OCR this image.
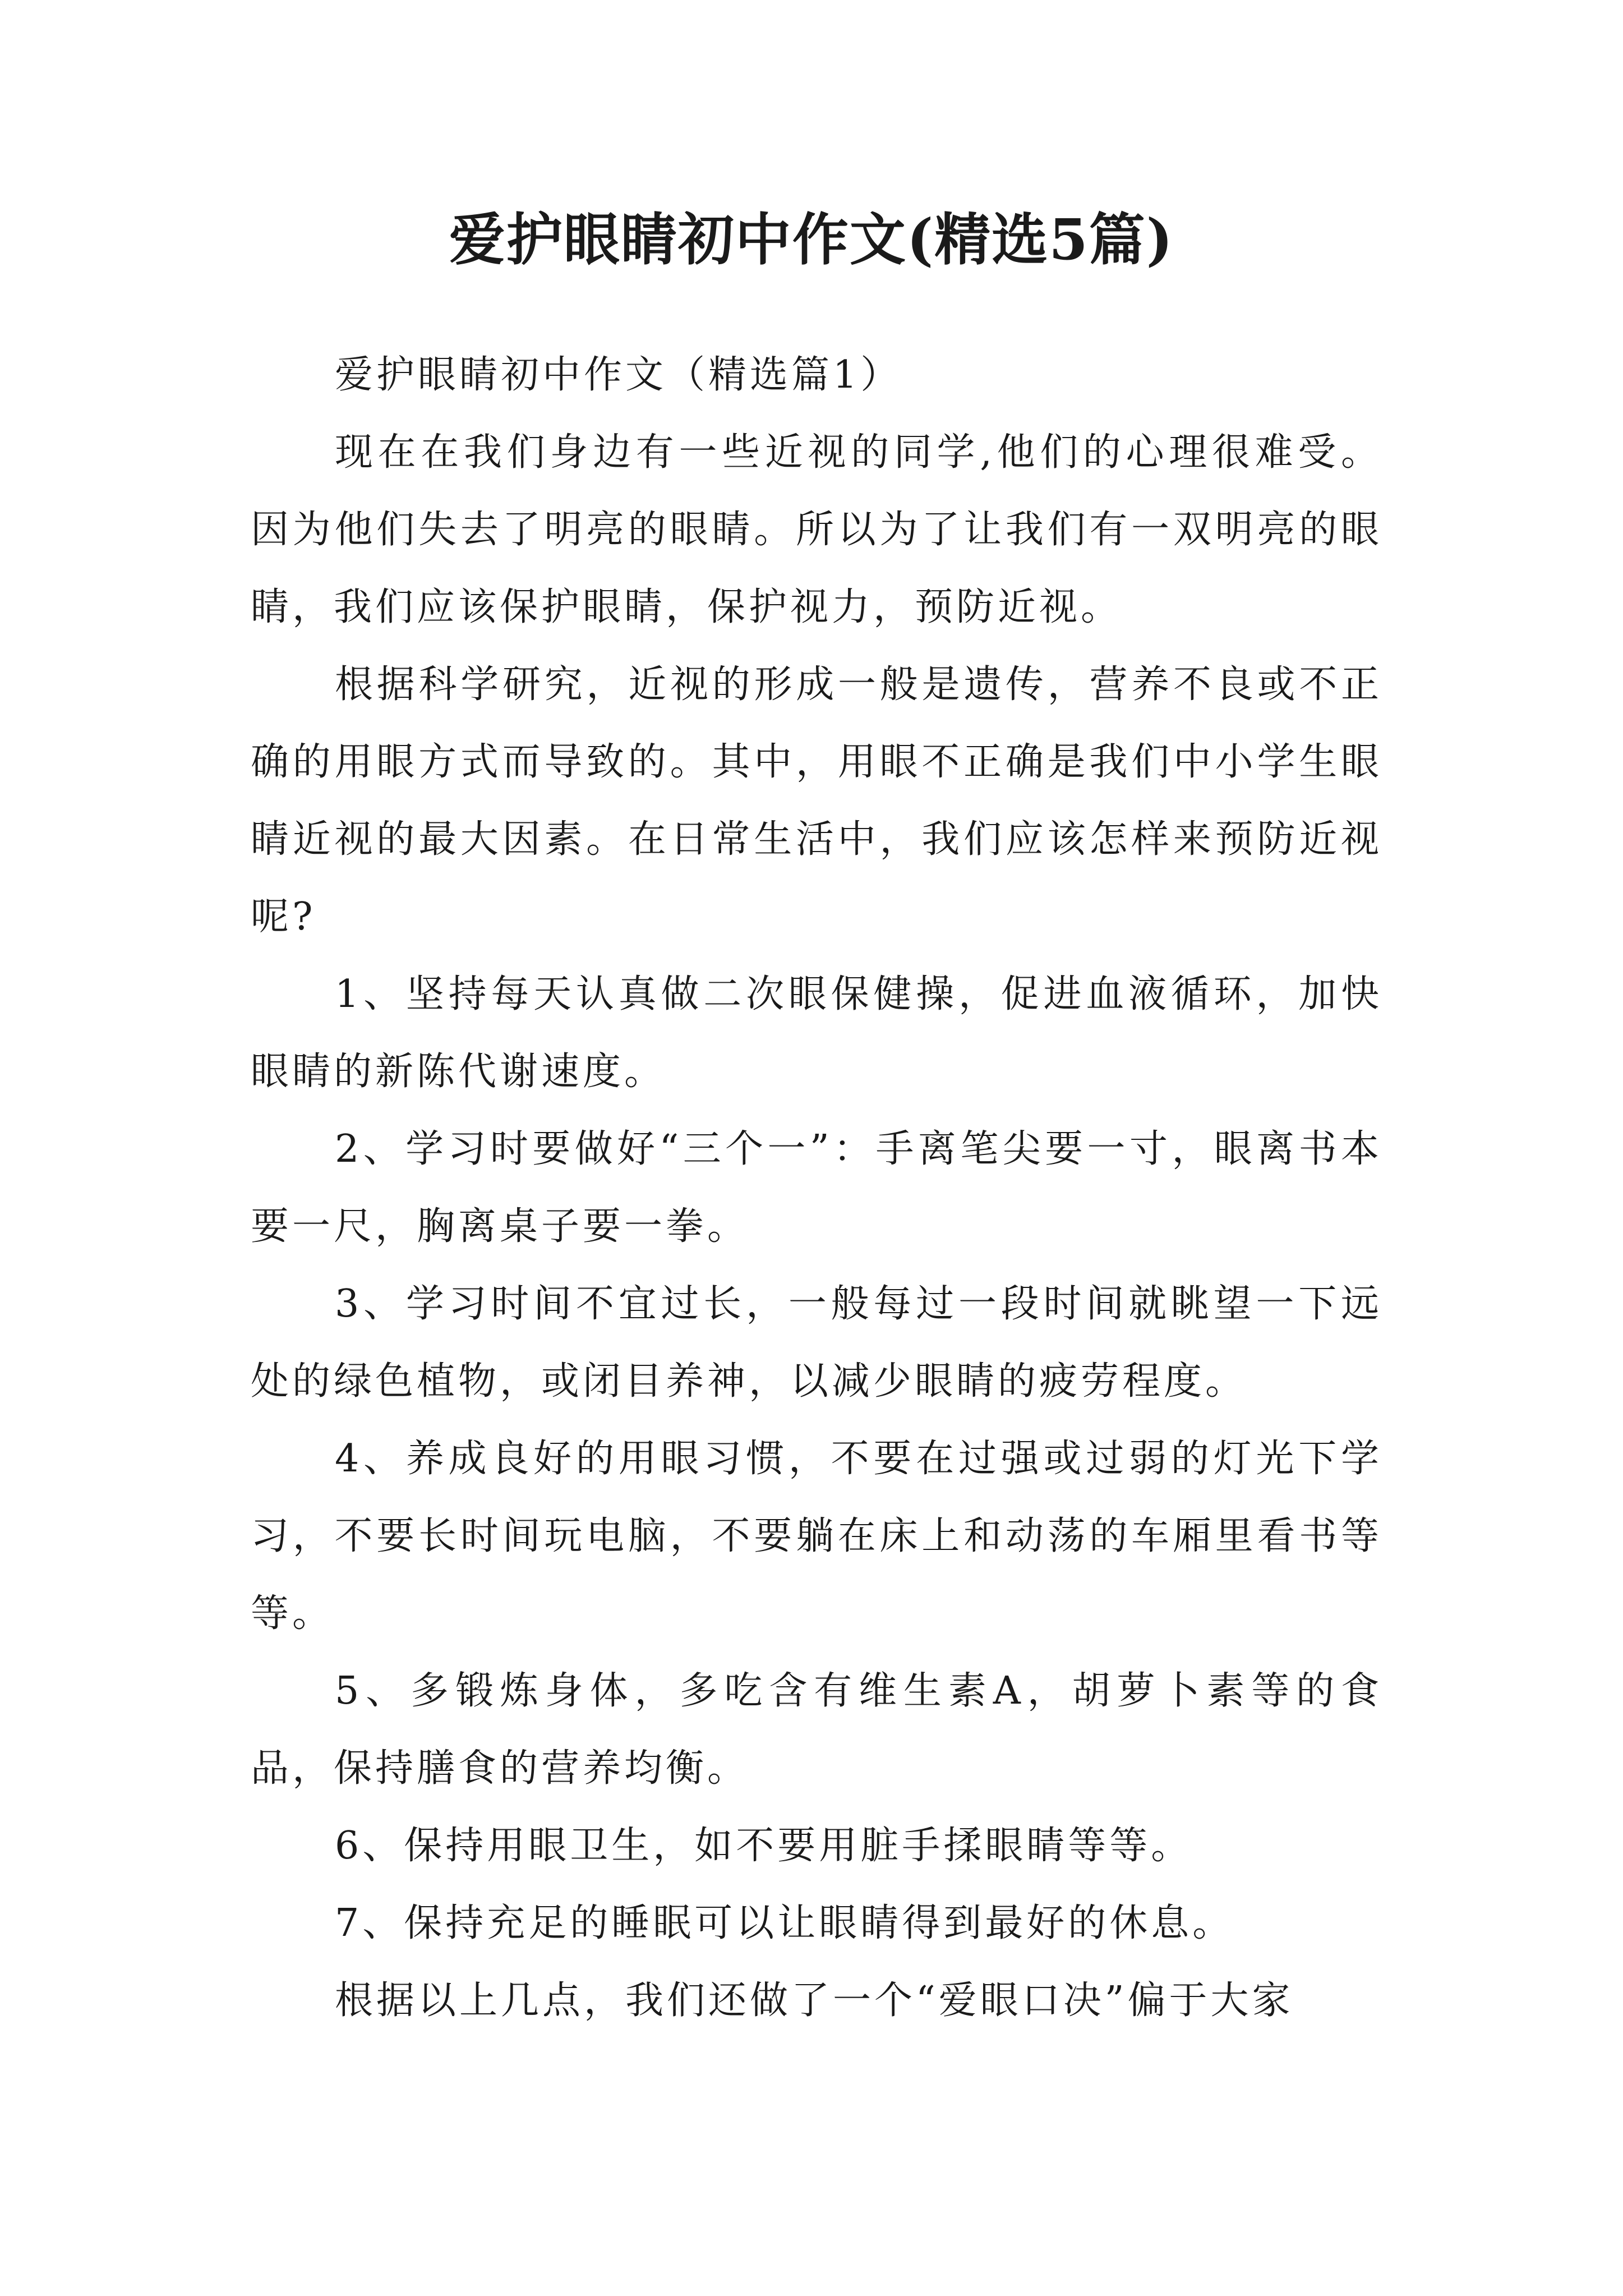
爱护眼睛初中作文(精选5篇)

爱护眼睛初中作文（精选篇1）

现在在我们身边有一些近视的同学,他们的心理很难受。因为他们失去了明亮的眼睛。所以为了让我们有一双明亮的眼睛，我们应该保护眼睛，保护视力，预防近视。

根据科学研究，近视的形成一般是遗传，营养不良或不正确的用眼方式而导致的。其中，用眼不正确是我们中小学生眼睛近视的最大因素。在日常生活中，我们应该怎样来预防近视呢?

1、坚持每天认真做二次眼保健操，促进血液循环，加快眼睛的新陈代谢速度。

2、学习时要做好“三个一”：手离笔尖要一寸，眼离书本要一尺，胸离桌子要一拳。

3、学习时间不宜过长，一般每过一段时间就眺望一下远处的绿色植物，或闭目养神，以减少眼睛的疲劳程度。

4、养成良好的用眼习惯，不要在过强或过弱的灯光下学习，不要长时间玩电脑，不要躺在床上和动荡的车厢里看书等等。

5、多锻炼身体，多吃含有维生素A，胡萝卜素等的食品，保持膳食的营养均衡。

6、保持用眼卫生，如不要用脏手揉眼睛等等。

7、保持充足的睡眠可以让眼睛得到最好的休息。

根据以上几点，我们还做了一个“爱眼口决”偏于大家
